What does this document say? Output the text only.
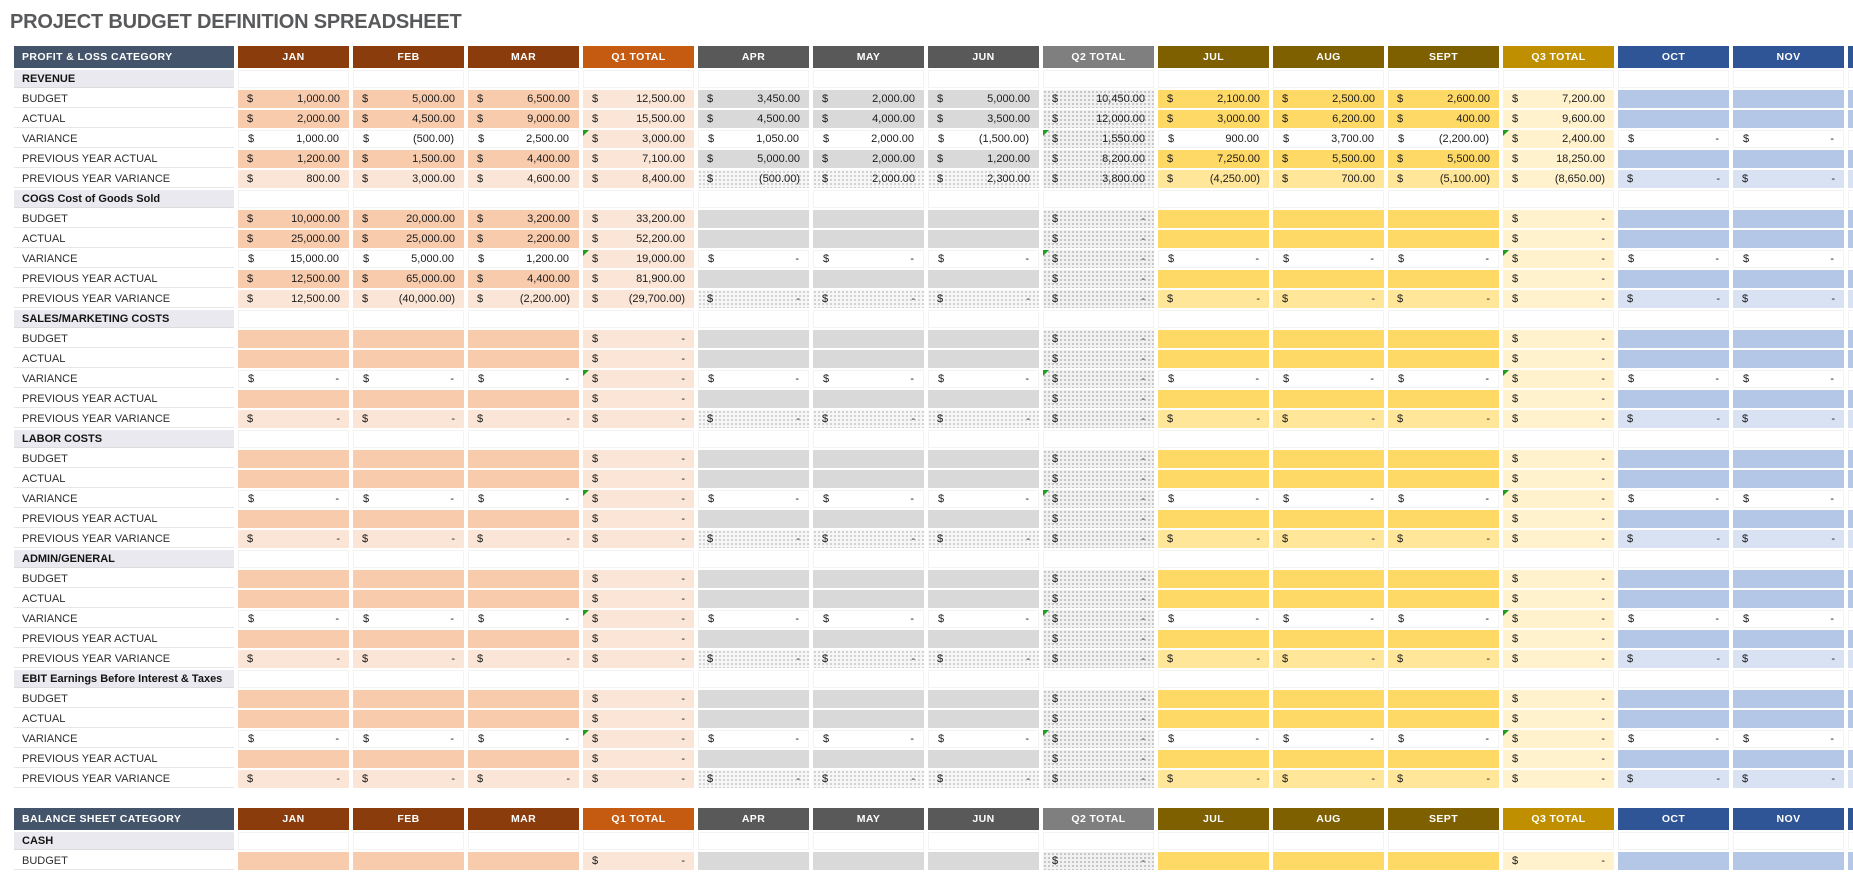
PROJECT BUDGET DEFINITION SPREADSHEET
PROFIT & LOSS CATEGORY	JAN	FEB	MAR	Q1 TOTAL	APR	MAY	JUN	Q2 TOTAL	JUL	AUG	SEPT	Q3 TOTAL	OCT	NOV	
REVENUE															
BUDGET	$ 1,000.00	$ 5,000.00	$ 6,500.00	$ 12,500.00	$ 3,450.00	$ 2,000.00	$ 5,000.00	$ 10,450.00	$ 2,100.00	$ 2,500.00	$ 2,600.00	$ 7,200.00			

ACTUAL	$ 2,000.00	$ 4,500.00	$ 9,000.00	$ 15,500.00	$ 4,500.00	$ 4,000.00	$ 3,500.00	$ 12,000.00	$ 3,000.00	$ 6,200.00	$ 400.00	$ 9,600.00			

VARIANCE	$ 1,000.00	$ (500.00)	$ 2,500.00	$ 3,000.00	$ 1,050.00	$ 2,000.00	$ (1,500.00)	$ 1,550.00	$ 900.00	$ 3,700.00	$ (2,200.00)	$ 2,400.00	$ -	$ -	

PREVIOUS YEAR ACTUAL	$ 1,200.00	$ 1,500.00	$ 4,400.00	$ 7,100.00	$ 5,000.00	$ 2,000.00	$ 1,200.00	$ 8,200.00	$ 7,250.00	$ 5,500.00	$ 5,500.00	$ 18,250.00			

PREVIOUS YEAR VARIANCE	$ 800.00	$ 3,000.00	$ 4,600.00	$ 8,400.00	$ (500.00)	$ 2,000.00	$ 2,300.00	$ 3,800.00	$ (4,250.00)	$ 700.00	$ (5,100.00)	$ (8,650.00)	$ -	$ -	

COGS Cost of Goods Sold															
BUDGET	$ 10,000.00	$ 20,000.00	$ 3,200.00	$ 33,200.00				$ -				$ -			

ACTUAL	$ 25,000.00	$ 25,000.00	$ 2,200.00	$ 52,200.00				$ -				$ -			

VARIANCE	$ 15,000.00	$ 5,000.00	$ 1,200.00	$ 19,000.00	$ -	$ -	$ -	$ -	$ -	$ -	$ -	$ -	$ -	$ -	

PREVIOUS YEAR ACTUAL	$ 12,500.00	$ 65,000.00	$ 4,400.00	$ 81,900.00				$ -				$ -			

PREVIOUS YEAR VARIANCE	$ 12,500.00	$ (40,000.00)	$ (2,200.00)	$ (29,700.00)	$ -	$ -	$ -	$ -	$ -	$ -	$ -	$ -	$ -	$ -	

SALES/MARKETING COSTS															
BUDGET				$ -				$ -				$ -			

ACTUAL				$ -				$ -				$ -			

VARIANCE	$ -	$ -	$ -	$ -	$ -	$ -	$ -	$ -	$ -	$ -	$ -	$ -	$ -	$ -	

PREVIOUS YEAR ACTUAL				$ -				$ -				$ -			

PREVIOUS YEAR VARIANCE	$ -	$ -	$ -	$ -	$ -	$ -	$ -	$ -	$ -	$ -	$ -	$ -	$ -	$ -	

LABOR COSTS															
BUDGET				$ -				$ -				$ -			

ACTUAL				$ -				$ -				$ -			

VARIANCE	$ -	$ -	$ -	$ -	$ -	$ -	$ -	$ -	$ -	$ -	$ -	$ -	$ -	$ -	

PREVIOUS YEAR ACTUAL				$ -				$ -				$ -			

PREVIOUS YEAR VARIANCE	$ -	$ -	$ -	$ -	$ -	$ -	$ -	$ -	$ -	$ -	$ -	$ -	$ -	$ -	

ADMIN/GENERAL															
BUDGET				$ -				$ -				$ -			

ACTUAL				$ -				$ -				$ -			

VARIANCE	$ -	$ -	$ -	$ -	$ -	$ -	$ -	$ -	$ -	$ -	$ -	$ -	$ -	$ -	

PREVIOUS YEAR ACTUAL				$ -				$ -				$ -			

PREVIOUS YEAR VARIANCE	$ -	$ -	$ -	$ -	$ -	$ -	$ -	$ -	$ -	$ -	$ -	$ -	$ -	$ -	

EBIT Earnings Before Interest & Taxes															
BUDGET				$ -				$ -				$ -			

ACTUAL				$ -				$ -				$ -			

VARIANCE	$ -	$ -	$ -	$ -	$ -	$ -	$ -	$ -	$ -	$ -	$ -	$ -	$ -	$ -	

PREVIOUS YEAR ACTUAL				$ -				$ -				$ -			

PREVIOUS YEAR VARIANCE	$ -	$ -	$ -	$ -	$ -	$ -	$ -	$ -	$ -	$ -	$ -	$ -	$ -	$ -	

BALANCE SHEET CATEGORY	JAN	FEB	MAR	Q1 TOTAL	APR	MAY	JUN	Q2 TOTAL	JUL	AUG	SEPT	Q3 TOTAL	OCT	NOV	
CASH															
BUDGET				$ -				$ -				$ -			
